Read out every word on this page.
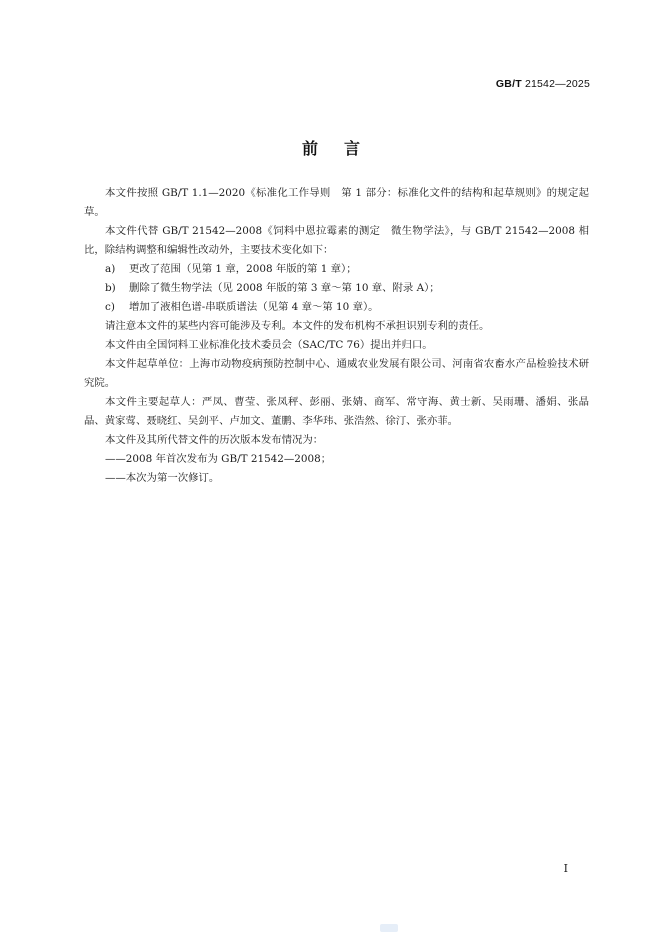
GB/T 21542—2025
前言

本文件按照 GB/T 1.1—2020《标准化工作导则　第 1 部分：标准化文件的结构和起草规则》的规定起草。

本文件代替 GB/T 21542—2008《饲料中恩拉霉素的测定　微生物学法》，与 GB/T 21542—2008 相比，除结构调整和编辑性改动外，主要技术变化如下：

a)	更改了范围（见第 1 章，2008 年版的第 1 章）；
b)	删除了微生物学法（见 2008 年版的第 3 章～第 10 章、附录 A）；
c)	增加了液相色谱-串联质谱法（见第 4 章～第 10 章）。

请注意本文件的某些内容可能涉及专利。本文件的发布机构不承担识别专利的责任。

本文件由全国饲料工业标准化技术委员会（SAC/TC 76）提出并归口。

本文件起草单位：上海市动物疫病预防控制中心、通威农业发展有限公司、河南省农畜水产品检验技术研究院。

本文件主要起草人：严凤、曹莹、张凤秤、彭丽、张婧、商军、常守海、黄士新、吴雨珊、潘娟、张晶晶、黄家莺、聂晓红、吴剑平、卢加文、董鹏、李华玮、张浩然、徐汀、张亦菲。

本文件及其所代替文件的历次版本发布情况为：

——2008 年首次发布为 GB/T 21542—2008；

——本次为第一次修订。

I
